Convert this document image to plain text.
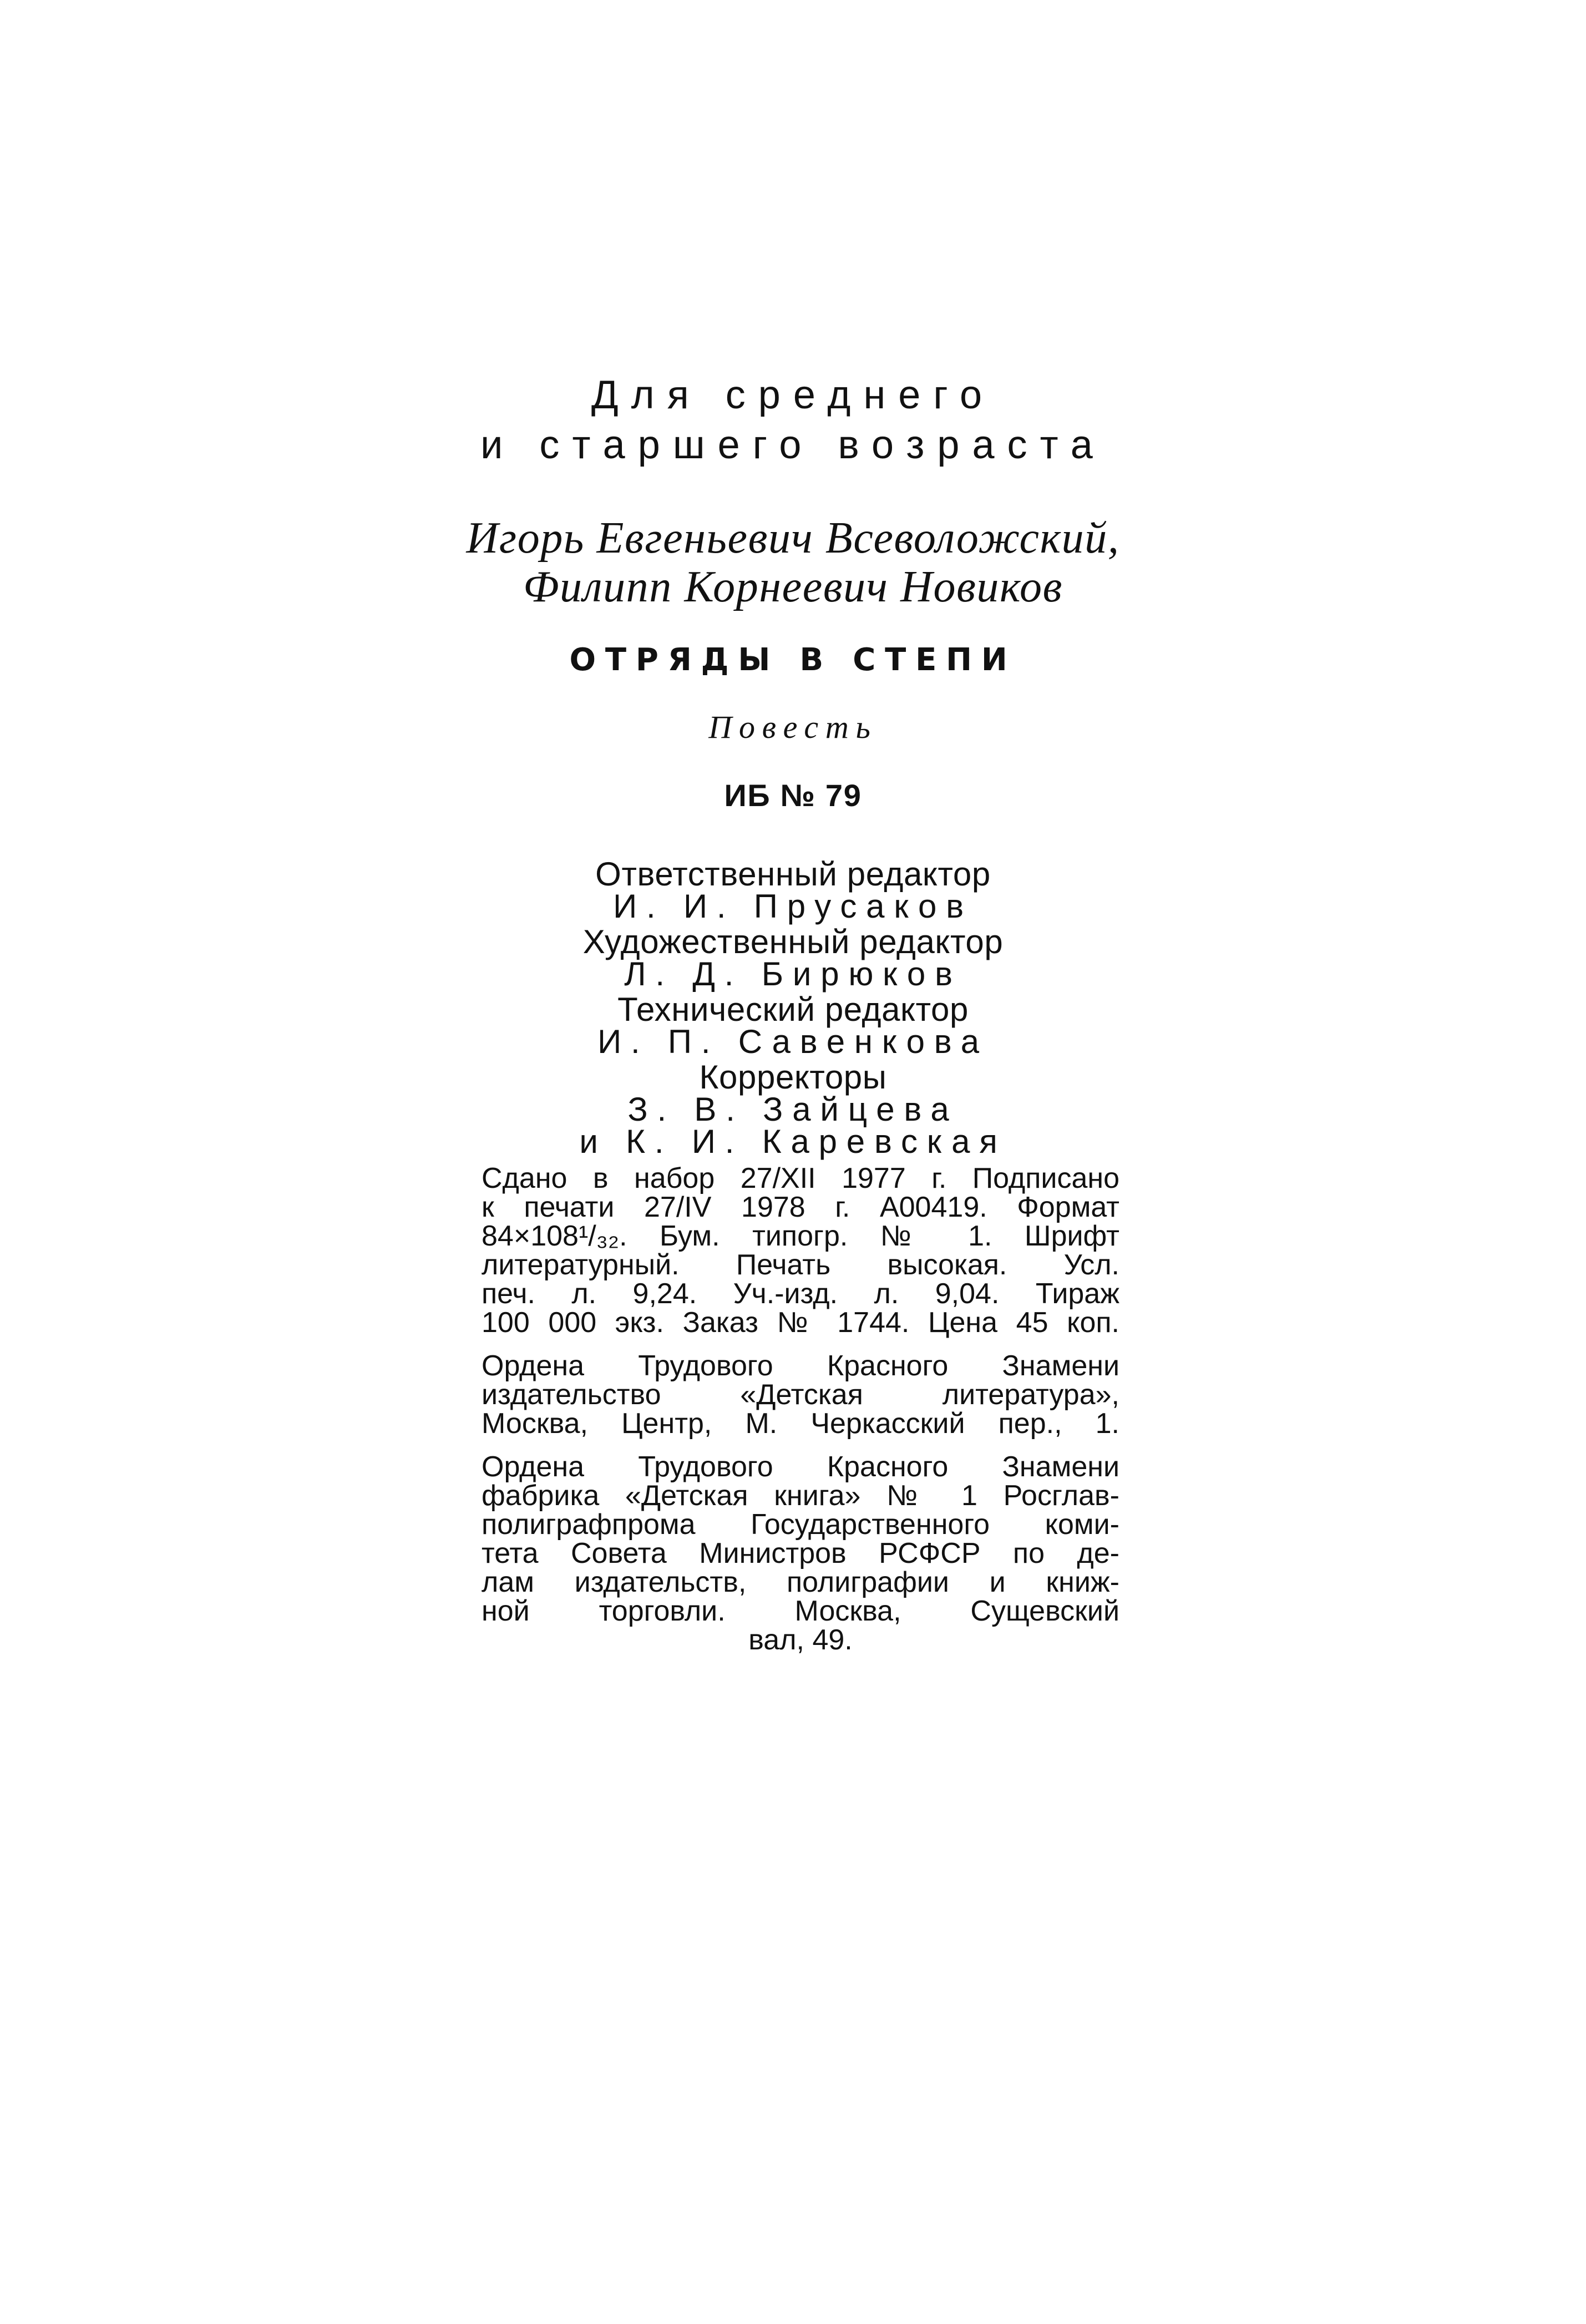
Для среднего
и старшего возраста
Игорь Евгеньевич Всеволожский,
Филипп Корнеевич Новиков
ОТРЯДЫ В СТЕПИ
Повесть
ИБ № 79
Ответственный редактор
И. И. Прусаков
Художественный редактор
Л. Д. Бирюков
Технический редактор
И. П. Савенкова
Корректоры
З. В. Зайцева
и К. И. Каревская
Сдано в набор 27/XII 1977 г. Подписано
к печати 27/IV 1978 г. А00419. Формат
84×108¹/₃₂. Бум. типогр. № 1. Шрифт
литературный. Печать высокая. Усл.
печ. л. 9,24. Уч.-изд. л. 9,04. Тираж
100 000 экз. Заказ № 1744. Цена 45 коп.
Ордена Трудового Красного Знамени
издательство «Детская литература»,
Москва, Центр, М. Черкасский пер., 1.
Ордена Трудового Красного Знамени
фабрика «Детская книга» № 1 Росглав-
полиграфпрома Государственного коми-
тета Совета Министров РСФСР по де-
лам издательств, полиграфии и книж-
ной торговли. Москва, Сущевский
вал, 49.
